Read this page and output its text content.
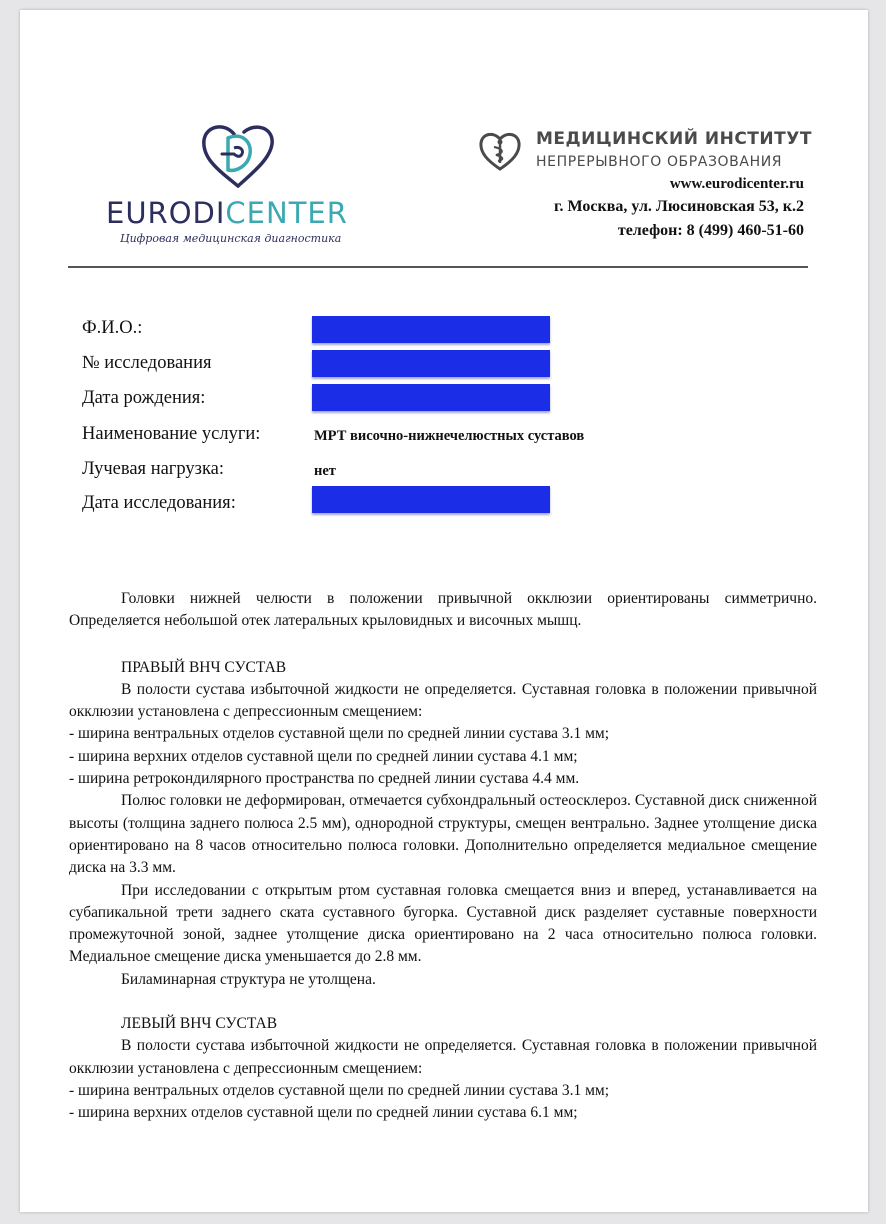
EURODICENTER
Цифровая медицинская диагностика
МЕДИЦИНСКИЙ ИНСТИТУТ
НЕПРЕРЫВНОГО ОБРАЗОВАНИЯ
www.eurodicenter.ru
г. Москва, ул. Люсиновская 53, к.2
телефон: 8 (499) 460-51-60
Ф.И.О.:
№ исследования
Дата рождения:
Наименование услуги:	МРТ височно-нижнечелюстных суставов
Лучевая нагрузка:	нет
Дата исследования:

Головки нижней челюсти в положении привычной окклюзии ориентированы симметрично. Определяется небольшой отек латеральных крыловидных и височных мышц.

ПРАВЫЙ ВНЧ СУСТАВ

В полости сустава избыточной жидкости не определяется. Суставная головка в положении привычной окклюзии установлена с депрессионным смещением:

- ширина вентральных отделов суставной щели по средней линии сустава 3.1 мм;

- ширина верхних отделов суставной щели по средней линии сустава 4.1 мм;

- ширина ретрокондилярного пространства по средней линии сустава 4.4 мм.

Полюс головки не деформирован, отмечается субхондральный остеосклероз. Суставной диск сниженной высоты (толщина заднего полюса 2.5 мм), однородной структуры, смещен вентрально. Заднее утолщение диска ориентировано на 8 часов относительно полюса головки. Дополнительно определяется медиальное смещение диска на 3.3 мм.

При исследовании с открытым ртом суставная головка смещается вниз и вперед, устанавливается на субапикальной трети заднего ската суставного бугорка. Суставной диск разделяет суставные поверхности промежуточной зоной, заднее утолщение диска ориентировано на 2 часа относительно полюса головки. Медиальное смещение диска уменьшается до 2.8 мм.

Биламинарная структура не утолщена.

ЛЕВЫЙ ВНЧ СУСТАВ

В полости сустава избыточной жидкости не определяется. Суставная головка в положении привычной окклюзии установлена с депрессионным смещением:

- ширина вентральных отделов суставной щели по средней линии сустава 3.1 мм;

- ширина верхних отделов суставной щели по средней линии сустава 6.1 мм;
